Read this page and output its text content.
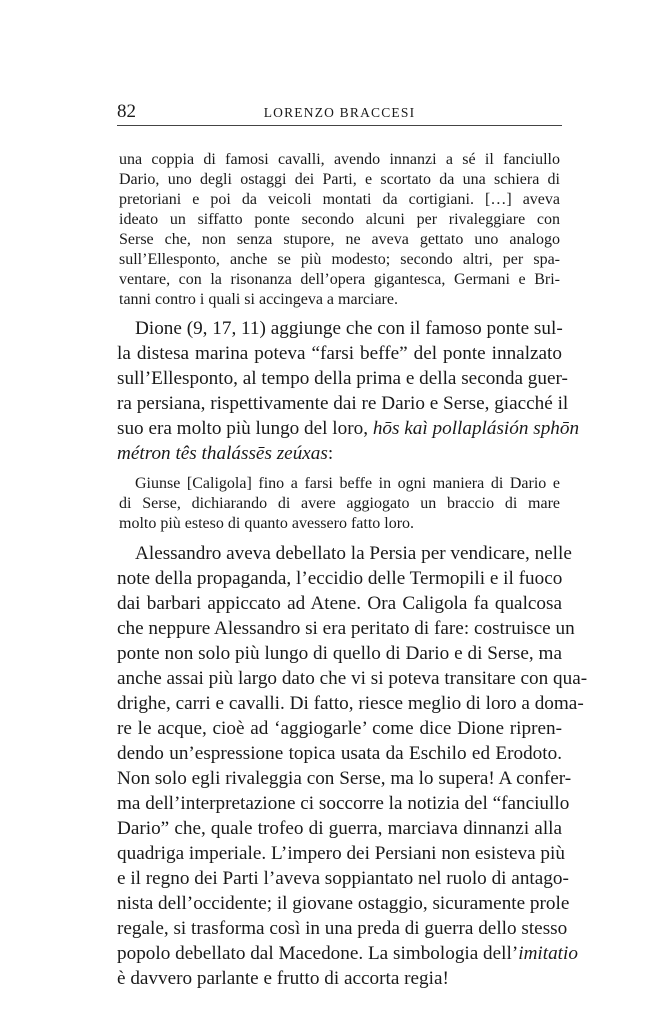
82	LORENZO BRACCESI
una coppia di famosi cavalli, avendo innanzi a sé il fanciullo
Dario, uno degli ostaggi dei Parti, e scortato da una schiera di
pretoriani e poi da veicoli montati da cortigiani. […] aveva
ideato un siffatto ponte secondo alcuni per rivaleggiare con
Serse che, non senza stupore, ne aveva gettato uno analogo
sull’Ellesponto, anche se più modesto; secondo altri, per spa-
ventare, con la risonanza dell’opera gigantesca, Germani e Bri-
tanni contro i quali si accingeva a marciare.
Dione (9, 17, 11) aggiunge che con il famoso ponte sul-
la distesa marina poteva “farsi beffe” del ponte innalzato
sull’Ellesponto, al tempo della prima e della seconda guer-
ra persiana, rispettivamente dai re Dario e Serse, giacché il
suo era molto più lungo del loro, hōs kaì pollaplásión sphōn
métron tês thalássēs zeúxas:
Giunse [Caligola] fino a farsi beffe in ogni maniera di Dario e
di Serse, dichiarando di avere aggiogato un braccio di mare
molto più esteso di quanto avessero fatto loro.
Alessandro aveva debellato la Persia per vendicare, nelle
note della propaganda, l’eccidio delle Termopili e il fuoco
dai barbari appiccato ad Atene. Ora Caligola fa qualcosa
che neppure Alessandro si era peritato di fare: costruisce un
ponte non solo più lungo di quello di Dario e di Serse, ma
anche assai più largo dato che vi si poteva transitare con qua-
drighe, carri e cavalli. Di fatto, riesce meglio di loro a doma-
re le acque, cioè ad ‘aggiogarle’ come dice Dione ripren-
dendo un’espressione topica usata da Eschilo ed Erodoto.
Non solo egli rivaleggia con Serse, ma lo supera! A confer-
ma dell’interpretazione ci soccorre la notizia del “fanciullo
Dario” che, quale trofeo di guerra, marciava dinnanzi alla
quadriga imperiale. L’impero dei Persiani non esisteva più
e il regno dei Parti l’aveva soppiantato nel ruolo di antago-
nista dell’occidente; il giovane ostaggio, sicuramente prole
regale, si trasforma così in una preda di guerra dello stesso
popolo debellato dal Macedone. La simbologia dell’imitatio
è davvero parlante e frutto di accorta regia!
